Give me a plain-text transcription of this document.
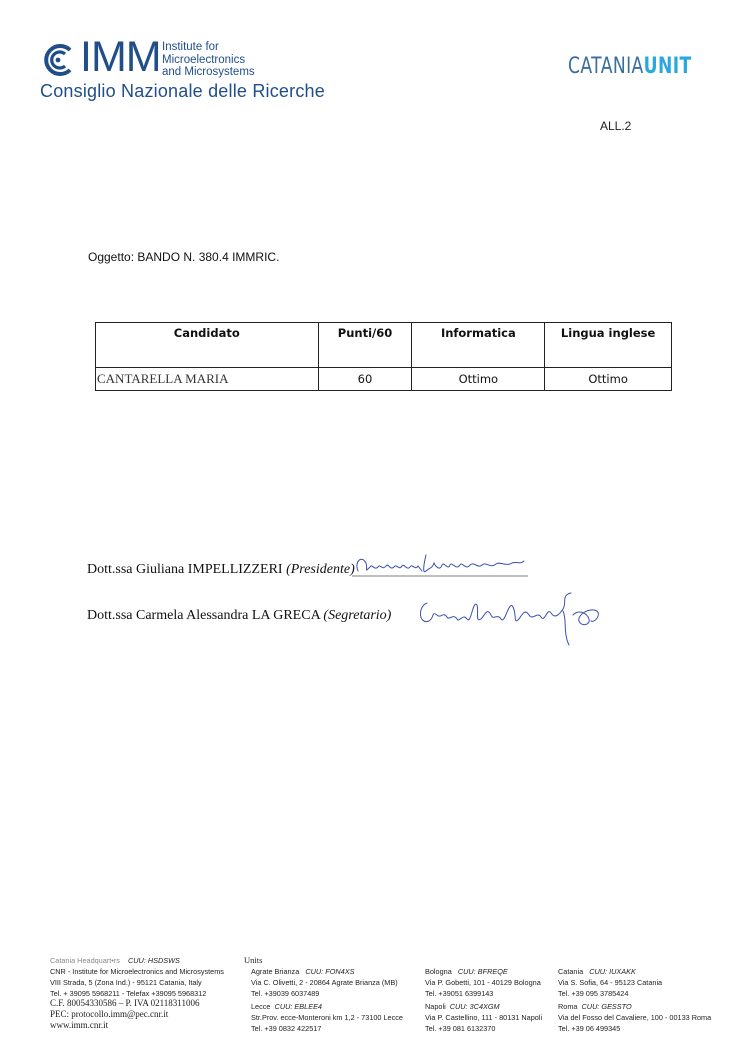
IMM Institute for
Microelectronics
and Microsystems
Consiglio Nazionale delle Ricerche
CATANIAUNIT
ALL.2
Oggetto: BANDO N. 380.4 IMMRIC.
Candidato	Punti/60	Informatica	Lingua inglese
CANTARELLA MARIA	60	Ottimo	Ottimo
Dott.ssa Giuliana IMPELLIZZERI (Presidente)
Dott.ssa Carmela Alessandra LA GRECA (Segretario)
Catania Headquart•rs CUU: HSDSWS	Units
CNR - Institute for Microelectronics and Microsystems
VIII Strada, 5 (Zona Ind.) - 95121 Catania, Italy
Tel. + 39095 5968211 - Telefax +39095 5968312
C.F. 80054330586 – P. IVA 02118311006
PEC: protocollo.imm@pec.cnr.it
www.imm.cnr.it
Agrate Brianza CUU: FON4XS
Via C. Olivetti, 2 - 20864 Agrate Brianza (MB)
Tel. +39039 6037489
Lecce CUU: EBLEE4
Str.Prov. ecce-Monteroni km 1,2 - 73100 Lecce
Tel. +39 0832 422517
Bologna CUU: BFREQE
Via P. Gobetti, 101 - 40129 Bologna
Tel. +39051 6399143
Napoli CUU: 3C4XGM
Via P. Castellino, 111 - 80131 Napoli
Tel. +39 081 6132370
Catania CUU: IUXAKK
Via S. Sofia, 64 - 95123 Catania
Tel. +39 095 3785424
Roma CUU: GESSTO
Via del Fosso del Cavaliere, 100 - 00133 Roma
Tel. +39 06 499345
